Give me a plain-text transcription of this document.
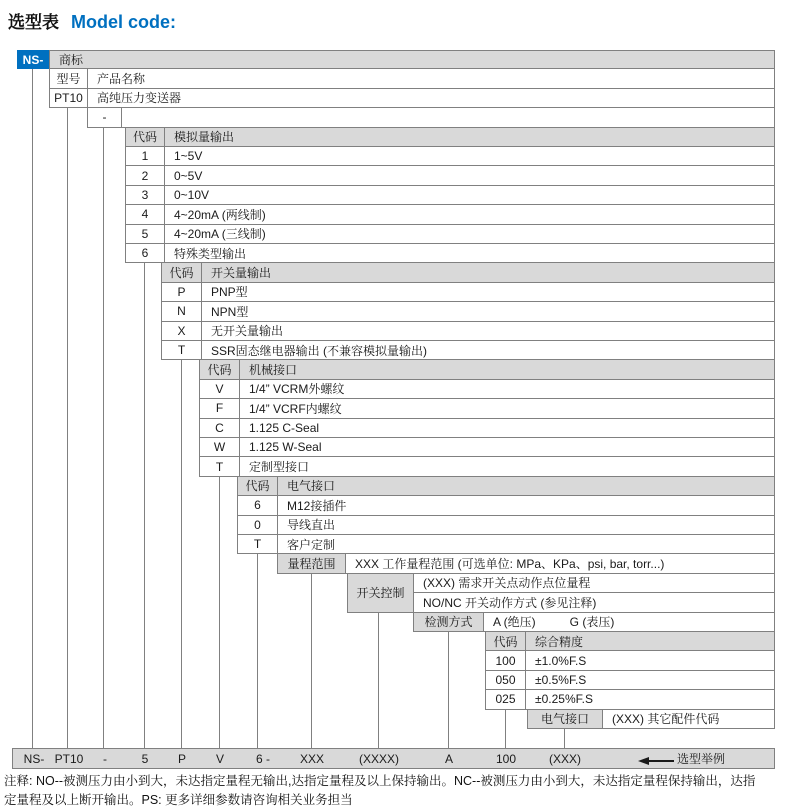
选型表 Model code:
NS-	商标
型号	产品名称
PT10	高纯压力变送器
-
代码	模拟量输出
1	1~5V
2	0~5V
3	0~10V
4	4~20mA (两线制)
5	4~20mA (三线制)
6	特殊类型输出
代码	开关量输出
P	PNP型
N	NPN型
X	无开关量输出
T	SSR固态继电器输出 (不兼容模拟量输出)
代码	机械接口
V	1/4” VCRM外螺纹
F	1/4” VCRF内螺纹
C	1.125 C-Seal
W	1.125 W-Seal
T	定制型接口
代码	电气接口
6	M12接插件
0	导线直出
T	客户定制
量程范围	XXX 工作量程范围 (可选单位: MPa、KPa、psi, bar, torr...)
开关控制
(XXX) 需求开关点动作点位量程
NO/NC 开关动作方式 (参见注释)
检测方式	A (绝压)	G (表压)
代码	综合精度
100	±1.0%F.S
050	±0.5%F.S
025	±0.25%F.S
电气接口	(XXX) 其它配件代码
NS- PT10	-	5	P	V	6 -	XXX	(XXXX)	A	100	(XXX)	选型举例
注释: NO--被测压力由小到大，未达指定量程无输出,达指定量程及以上保持输出。NC--被测压力由小到大，未达指定量程保持输出，达指
定量程及以上断开输出。PS: 更多详细参数请咨询相关业务担当
